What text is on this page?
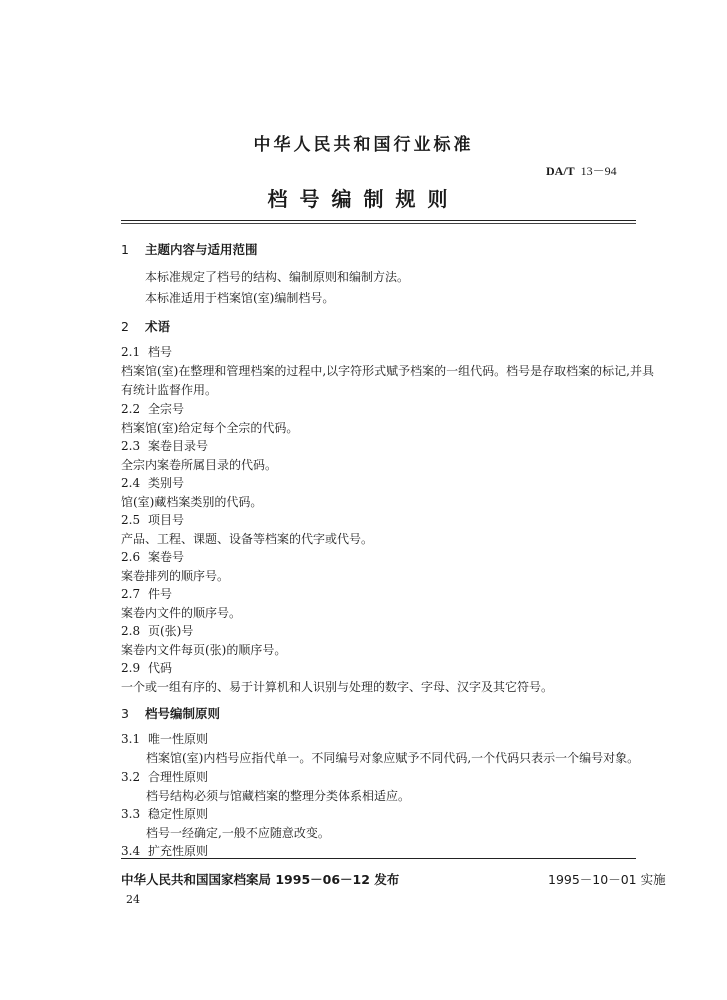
中华人民共和国行业标准
DA/T 13－94
档号编制规则
1 主题内容与适用范围
本标准规定了档号的结构、编制原则和编制方法。
本标准适用于档案馆(室)编制档号。
2 术语
2.1 档号
档案馆(室)在整理和管理档案的过程中,以字符形式赋予档案的一组代码。档号是存取档案的标记,并具
有统计监督作用。
2.2 全宗号
档案馆(室)给定每个全宗的代码。
2.3 案卷目录号
全宗内案卷所属目录的代码。
2.4 类别号
馆(室)藏档案类别的代码。
2.5 项目号
产品、工程、课题、设备等档案的代字或代号。
2.6 案卷号
案卷排列的顺序号。
2.7 件号
案卷内文件的顺序号。
2.8 页(张)号
案卷内文件每页(张)的顺序号。
2.9 代码
一个或一组有序的、易于计算机和人识别与处理的数字、字母、汉字及其它符号。
3 档号编制原则
3.1 唯一性原则
档案馆(室)内档号应指代单一。不同编号对象应赋予不同代码,一个代码只表示一个编号对象。
3.2 合理性原则
档号结构必须与馆藏档案的整理分类体系相适应。
3.3 稳定性原则
档号一经确定,一般不应随意改变。
3.4 扩充性原则
中华人民共和国国家档案局 1995－06－12 发布	1995－10－01 实施
24
